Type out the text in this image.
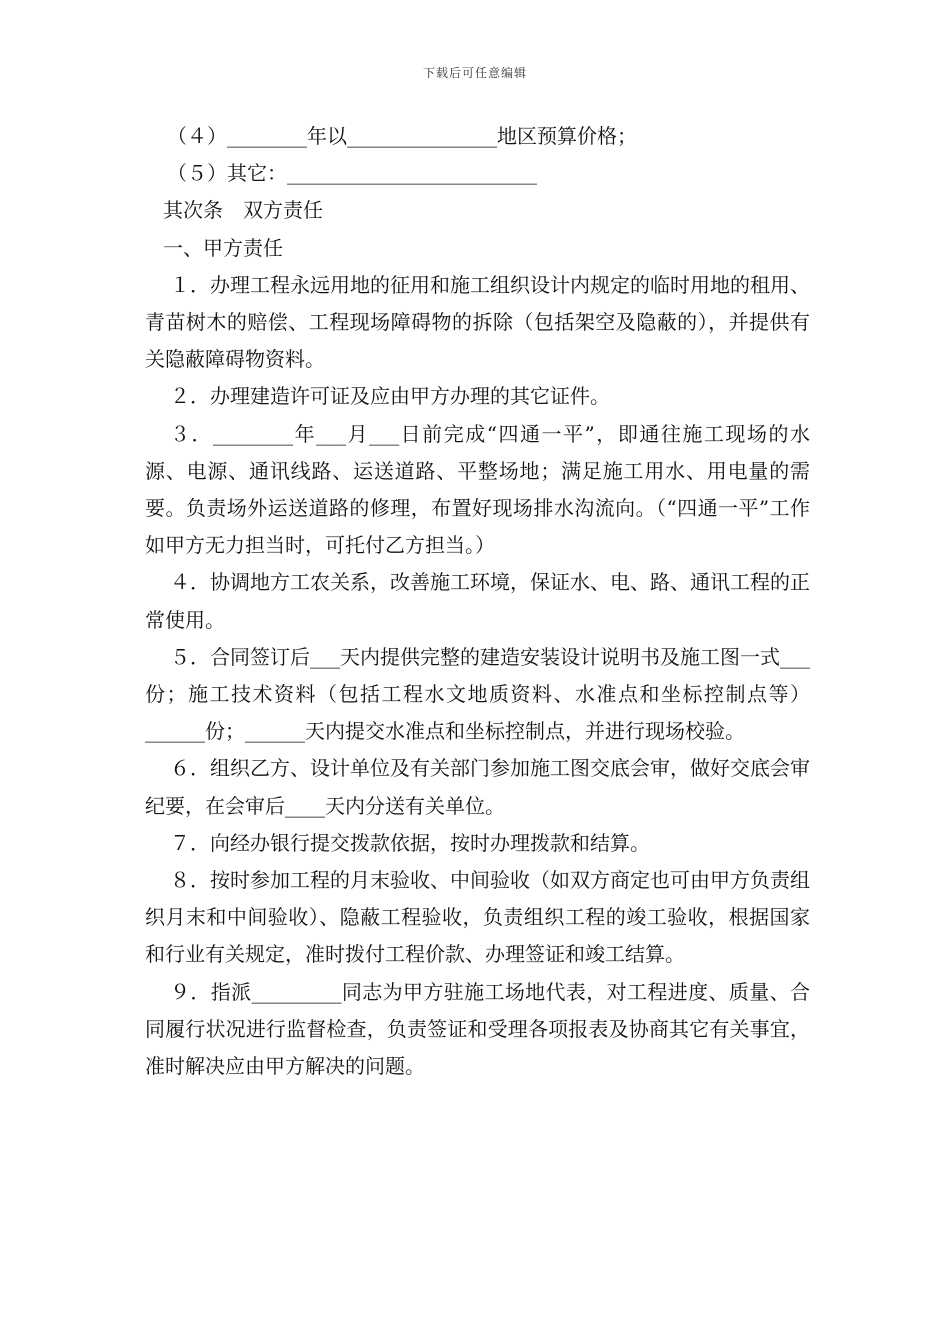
下载后可任意编辑

（４）________年以_______________地区预算价格；

（５）其它：_________________________

其次条　双方责任

一、甲方责任

１．办理工程永远用地的征用和施工组织设计内规定的临时用地的租用、青苗树木的赔偿、工程现场障碍物的拆除（包括架空及隐蔽的），并提供有关隐蔽障碍物资料。

２．办理建造许可证及应由甲方办理的其它证件。

３．________年___月___日前完成“四通一平”，即通往施工现场的水源、电源、通讯线路、运送道路、平整场地；满足施工用水、用电量的需要。负责场外运送道路的修理，布置好现场排水沟流向。（“四通一平”工作如甲方无力担当时，可托付乙方担当。）

４．协调地方工农关系，改善施工环境，保证水、电、路、通讯工程的正常使用。

５．合同签订后___天内提供完整的建造安装设计说明书及施工图一式___份；施工技术资料（包括工程水文地质资料、水准点和坐标控制点等）______份；______天内提交水准点和坐标控制点，并进行现场校验。

６．组织乙方、设计单位及有关部门参加施工图交底会审，做好交底会审纪要，在会审后____天内分送有关单位。

７．向经办银行提交拨款依据，按时办理拨款和结算。

８．按时参加工程的月末验收、中间验收（如双方商定也可由甲方负责组织月末和中间验收）、隐蔽工程验收，负责组织工程的竣工验收，根据国家和行业有关规定，准时拨付工程价款、办理签证和竣工结算。

９．指派_________同志为甲方驻施工场地代表，对工程进度、质量、合同履行状况进行监督检查，负责签证和受理各项报表及协商其它有关事宜，准时解决应由甲方解决的问题。
